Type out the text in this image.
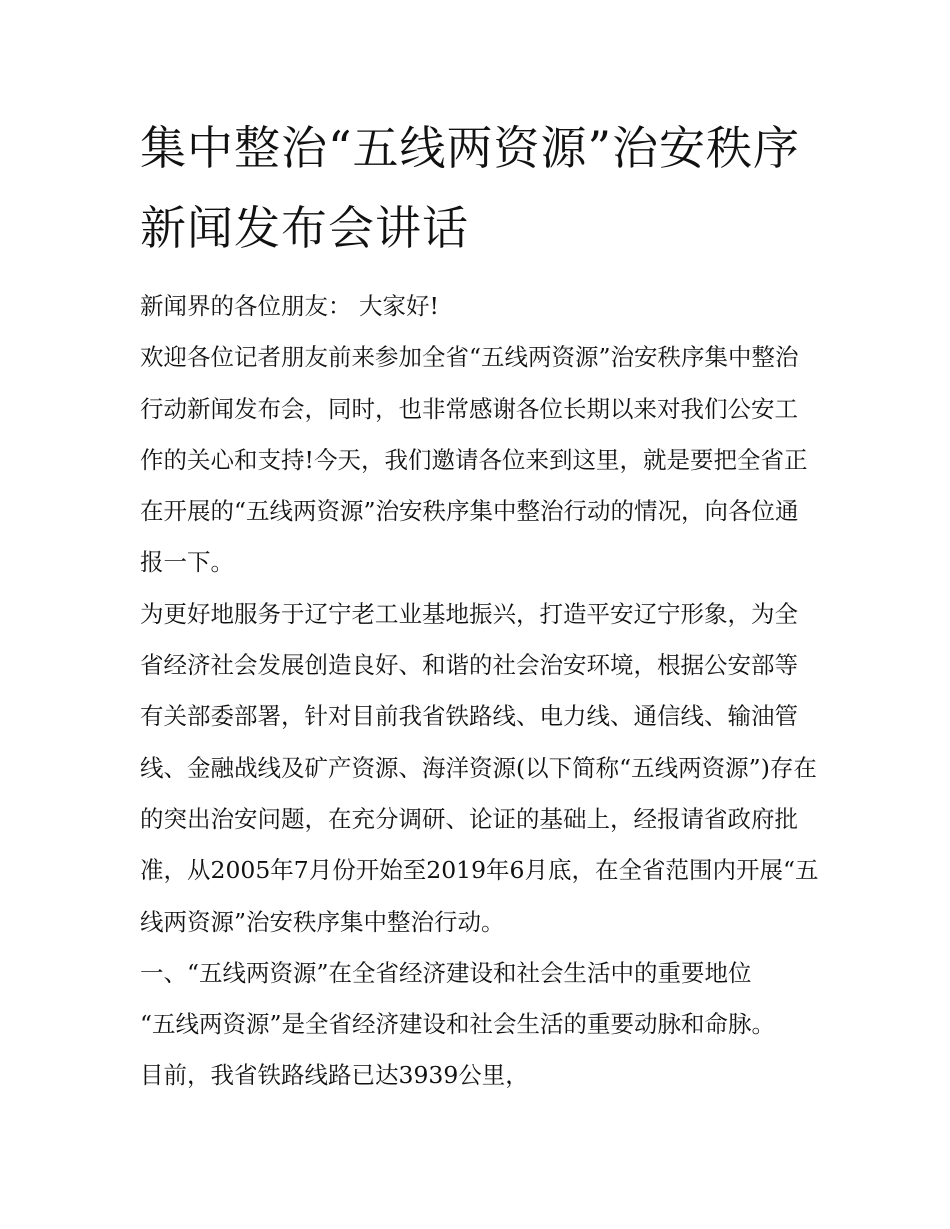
集中整治“五线两资源”治安秩序新闻发布会讲话

新闻界的各位朋友： 大家好!

欢迎各位记者朋友前来参加全省“五线两资源”治安秩序集中整治行动新闻发布会，同时，也非常感谢各位长期以来对我们公安工作的关心和支持!今天，我们邀请各位来到这里，就是要把全省正在开展的“五线两资源”治安秩序集中整治行动的情况，向各位通报一下。

为更好地服务于辽宁老工业基地振兴，打造平安辽宁形象，为全省经济社会发展创造良好、和谐的社会治安环境，根据公安部等有关部委部署，针对目前我省铁路线、电力线、通信线、输油管线、金融战线及矿产资源、海洋资源(以下简称“五线两资源”)存在的突出治安问题，在充分调研、论证的基础上，经报请省政府批准，从2005年7月份开始至2019年6月底，在全省范围内开展“五线两资源”治安秩序集中整治行动。

一、“五线两资源”在全省经济建设和社会生活中的重要地位

“五线两资源”是全省经济建设和社会生活的重要动脉和命脉。

目前，我省铁路线路已达3939公里，
